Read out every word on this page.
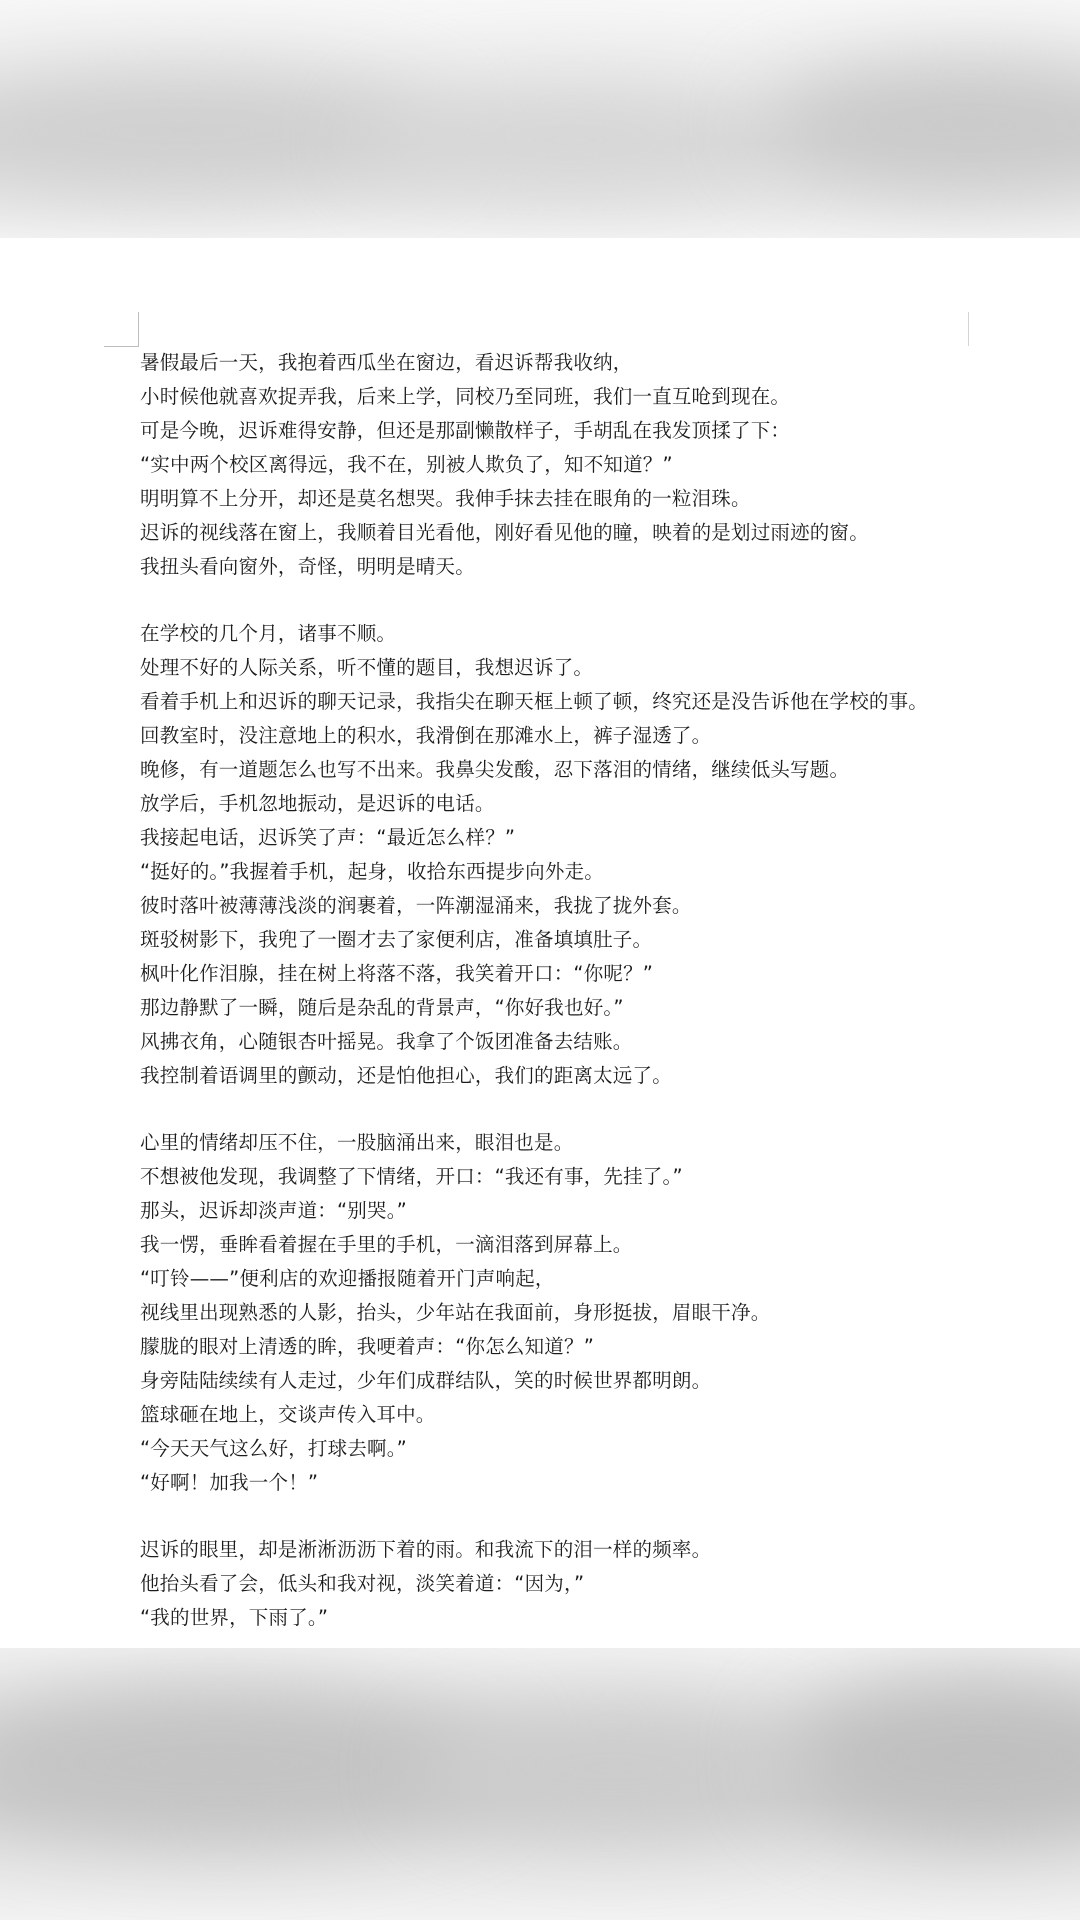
暑假最后一天，我抱着西瓜坐在窗边，看迟诉帮我收纳，
小时候他就喜欢捉弄我，后来上学，同校乃至同班，我们一直互呛到现在。
可是今晚，迟诉难得安静，但还是那副懒散样子，手胡乱在我发顶揉了下：
“实中两个校区离得远，我不在，别被人欺负了，知不知道？”
明明算不上分开，却还是莫名想哭。我伸手抹去挂在眼角的一粒泪珠。
迟诉的视线落在窗上，我顺着目光看他，刚好看见他的瞳，映着的是划过雨迹的窗。
我扭头看向窗外，奇怪，明明是晴天。
在学校的几个月，诸事不顺。
处理不好的人际关系，听不懂的题目，我想迟诉了。
看着手机上和迟诉的聊天记录，我指尖在聊天框上顿了顿，终究还是没告诉他在学校的事。
回教室时，没注意地上的积水，我滑倒在那滩水上，裤子湿透了。
晚修，有一道题怎么也写不出来。我鼻尖发酸，忍下落泪的情绪，继续低头写题。
放学后，手机忽地振动，是迟诉的电话。
我接起电话，迟诉笑了声：“最近怎么样？”
“挺好的。”我握着手机，起身，收拾东西提步向外走。
彼时落叶被薄薄浅淡的润裹着，一阵潮湿涌来，我拢了拢外套。
斑驳树影下，我兜了一圈才去了家便利店，准备填填肚子。
枫叶化作泪腺，挂在树上将落不落，我笑着开口：“你呢？”
那边静默了一瞬，随后是杂乱的背景声，“你好我也好。”
风拂衣角，心随银杏叶摇晃。我拿了个饭团准备去结账。
我控制着语调里的颤动，还是怕他担心，我们的距离太远了。
心里的情绪却压不住，一股脑涌出来，眼泪也是。
不想被他发现，我调整了下情绪，开口：“我还有事，先挂了。”
那头，迟诉却淡声道：“别哭。”
我一愣，垂眸看着握在手里的手机，一滴泪落到屏幕上。
“叮铃——”便利店的欢迎播报随着开门声响起，
视线里出现熟悉的人影，抬头，少年站在我面前，身形挺拔，眉眼干净。
朦胧的眼对上清透的眸，我哽着声：“你怎么知道？”
身旁陆陆续续有人走过，少年们成群结队，笑的时候世界都明朗。
篮球砸在地上，交谈声传入耳中。
“今天天气这么好，打球去啊。”
“好啊！加我一个！”
迟诉的眼里，却是淅淅沥沥下着的雨。和我流下的泪一样的频率。
他抬头看了会，低头和我对视，淡笑着道：“因为，”
“我的世界，下雨了。”
